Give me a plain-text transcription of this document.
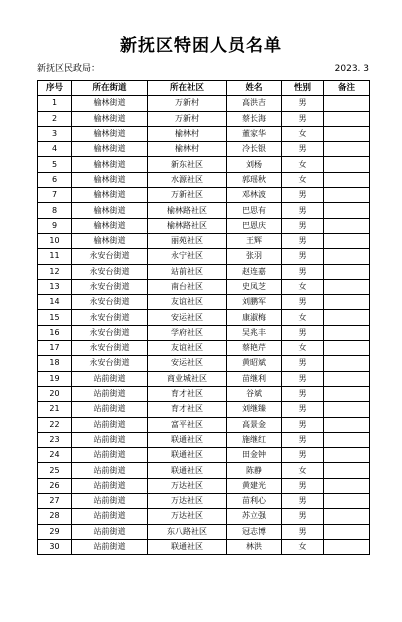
新抚区特困人员名单
新抚区民政局：	2023. 3
序号	所在街道	所在社区	姓名	性别	备注
1	榆林街道	万新村	高洪吉	男	
2	榆林街道	万新村	蔡长海	男	
3	榆林街道	榆林村	董家华	女	
4	榆林街道	榆林村	冷长银	男	
5	榆林街道	新东社区	刘杨	女	
6	榆林街道	水源社区	郭瑶秋	女	
7	榆林街道	万新社区	邓林波	男	
8	榆林街道	榆林路社区	巴思有	男	
9	榆林街道	榆林路社区	巴恩庆	男	
10	榆林街道	丽苑社区	王辉	男	
11	永安台街道	永宁社区	张羽	男	
12	永安台街道	站前社区	赵连嘉	男	
13	永安台街道	南台社区	史凤芝	女	
14	永安台街道	友谊社区	刘鹏军	男	
15	永安台街道	安运社区	康淑梅	女	
16	永安台街道	学府社区	吴兆丰	男	
17	永安台街道	友谊社区	蔡艳芹	女	
18	永安台街道	安运社区	黄昭斌	男	
19	站前街道	商业城社区	苗继利	男	
20	站前街道	育才社区	谷斌	男	
21	站前街道	育才社区	刘继臻	男	
22	站前街道	富平社区	高景金	男	
23	站前街道	联通社区	施继红	男	
24	站前街道	联通社区	田金钟	男	
25	站前街道	联通社区	陈静	女	
26	站前街道	万达社区	黄建光	男	
27	站前街道	万达社区	苗利心	男	
28	站前街道	万达社区	苏立强	男	
29	站前街道	东八路社区	冠志博	男	
30	站前街道	联通社区	林洪	女	
